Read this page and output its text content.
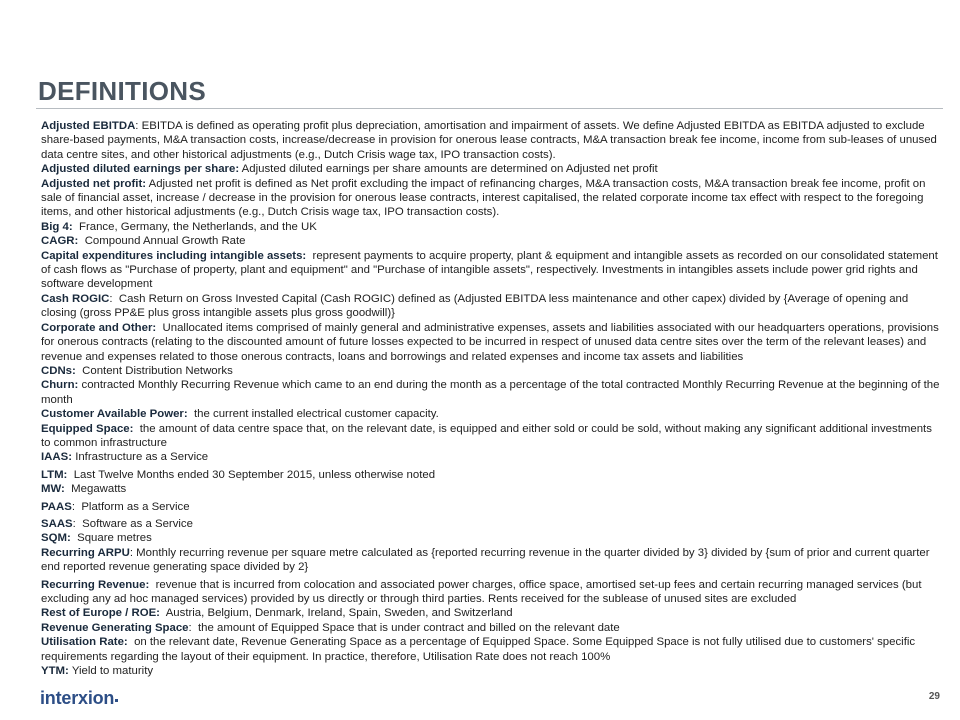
DEFINITIONS

Adjusted EBITDA: EBITDA is defined as operating profit plus depreciation, amortisation and impairment of assets. We define Adjusted EBITDA as EBITDA adjusted to exclude share-based payments, M&A transaction costs, increase/decrease in provision for onerous lease contracts, M&A transaction break fee income, income from sub-leases of unused data centre sites, and other historical adjustments (e.g., Dutch Crisis wage tax, IPO transaction costs).

Adjusted diluted earnings per share: Adjusted diluted earnings per share amounts are determined on Adjusted net profit

Adjusted net profit: Adjusted net profit is defined as Net profit excluding the impact of refinancing charges, M&A transaction costs, M&A transaction break fee income, profit on sale of financial asset, increase / decrease in the provision for onerous lease contracts, interest capitalised, the related corporate income tax effect with respect to the foregoing items, and other historical adjustments (e.g., Dutch Crisis wage tax, IPO transaction costs).

Big 4: France, Germany, the Netherlands, and the UK

CAGR: Compound Annual Growth Rate

Capital expenditures including intangible assets: represent payments to acquire property, plant & equipment and intangible assets as recorded on our consolidated statement of cash flows as "Purchase of property, plant and equipment" and "Purchase of intangible assets", respectively. Investments in intangibles assets include power grid rights and software development

Cash ROGIC:  Cash Return on Gross Invested Capital (Cash ROGIC) defined as (Adjusted EBITDA less maintenance and other capex) divided by {Average of opening and closing (gross PP&E plus gross intangible assets plus gross goodwill)}

Corporate and Other: Unallocated items comprised of mainly general and administrative expenses, assets and liabilities associated with our headquarters operations, provisions for onerous contracts (relating to the discounted amount of future losses expected to be incurred in respect of unused data centre sites over the term of the relevant leases) and revenue and expenses related to those onerous contracts, loans and borrowings and related expenses and income tax assets and liabilities

CDNs: Content Distribution Networks

Churn: contracted Monthly Recurring Revenue which came to an end during the month as a percentage of the total contracted Monthly Recurring Revenue at the beginning of the month

Customer Available Power: the current installed electrical customer capacity.

Equipped Space: the amount of data centre space that, on the relevant date, is equipped and either sold or could be sold, without making any significant additional investments to common infrastructure

IAAS: Infrastructure as a Service

LTM: Last Twelve Months ended 30 September 2015, unless otherwise noted

MW: Megawatts

PAAS:  Platform as a Service

SAAS:  Software as a Service

SQM: Square metres

Recurring ARPU: Monthly recurring revenue per square metre calculated as {reported recurring revenue in the quarter divided by 3} divided by {sum of prior and current quarter end reported revenue generating space divided by 2}

Recurring Revenue: revenue that is incurred from colocation and associated power charges, office space, amortised set-up fees and certain recurring managed services (but excluding any ad hoc managed services) provided by us directly or through third parties. Rents received for the sublease of unused sites are excluded

Rest of Europe / ROE: Austria, Belgium, Denmark, Ireland, Spain, Sweden, and Switzerland

Revenue Generating Space:  the amount of Equipped Space that is under contract and billed on the relevant date

Utilisation Rate: on the relevant date, Revenue Generating Space as a percentage of Equipped Space. Some Equipped Space is not fully utilised due to customers' specific requirements regarding the layout of their equipment. In practice, therefore, Utilisation Rate does not reach 100%

YTM: Yield to maturity

interxion	29
